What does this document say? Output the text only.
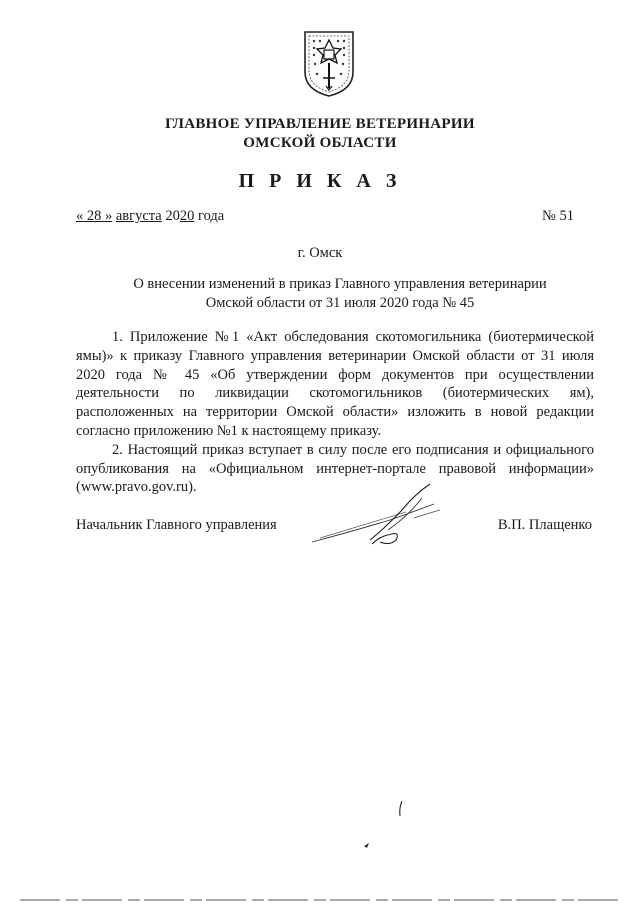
ГЛАВНОЕ УПРАВЛЕНИЕ ВЕТЕРИНАРИИ
ОМСКОЙ ОБЛАСТИ
П Р И К А З
« 28 » августа 2020 года	№ 51
г. Омск
О внесении изменений в приказ Главного управления ветеринарии
Омской области от 31 июля 2020 года № 45

1. Приложение №1 «Акт обследования скотомогильника (биотермической ямы)» к приказу Главного управления ветеринарии Омской области от 31 июля 2020 года № 45 «Об утверждении форм документов при осуществлении деятельности по ликвидации скотомогильников (биотермических ям), расположенных на территории Омской области» изложить в новой редакции согласно приложению №1 к настоящему приказу.

2. Настоящий приказ вступает в силу после его подписания и официального опубликования на «Официальном интернет-портале правовой информации» (www.pravo.gov.ru).

Начальник Главного управления	В.П. Плащенко
